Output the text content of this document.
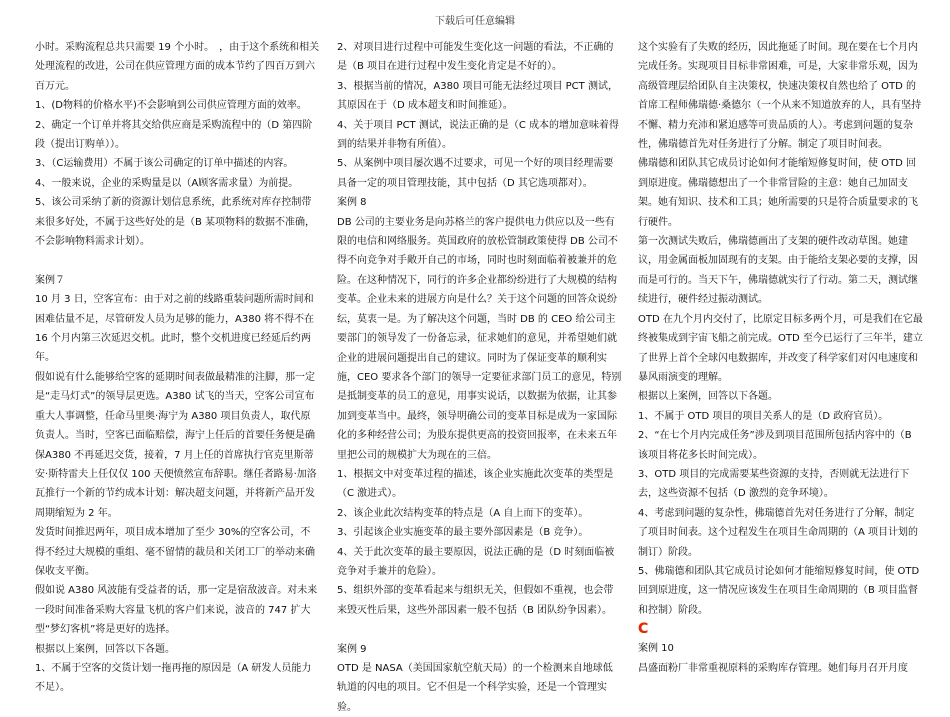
下载后可任意编辑

小时。采购流程总共只需要 19 个小时。　，由于这个系统和相关处理流程的改进，公司在供应管理方面的成本节约了四百万到六百万元。

1、(D物料的价格水平)不会影响到公司供应管理方面的效率。

2、确定一个订单并将其交给供应商是采购流程中的（D 第四阶段（提出订购单））。

3、（C运输费用）不属于该公司确定的订单中描述的内容。

4、一般来说，企业的采购量是以（A顾客需求量）为前提。

5、该公司采纳了新的资源计划信息系统，此系统对库存控制带来很多好处，不属于这些好处的是（B 某项物料的数据不准确，不会影响物料需求计划）。

案例７

10 月 3 日，空客宣布：由于对之前的线路重装问题所需时间和困难估量不足，尽管研发人员为足够的能力，A380 将不得不在 16 个月内第三次延迟交机。此时，整个交机进度已经延后约两年。

假如说有什么能够给空客的延期时间表做最精准的注脚，那一定是“走马灯式”的领导层更选。A380 试飞的当天，空客公司宣布重大人事调整，任命马里奥·海宁为 A380 项目负责人，取代原负责人。当时，空客已面临赔偿，海宁上任后的首要任务便是确保A380 不再延迟交货，接着，7 月上任的首席执行官克里斯蒂安·斯特雷夫上任仅仅 100 天便愤然宣布辞职。继任者路易·加洛瓦推行一个新的节约成本计划：解决超支问题，并将新产品开发周期缩短为 2 年。

发货时间推迟两年，项目成本增加了至少 30%的空客公司，不得不经过大规模的重组、毫不留情的裁员和关闭工厂的举动来确保收支平衡。

假如说 A380 风波能有受益者的话，那一定是宿敌波音。对未来一段时间准备采购大容量飞机的客户们来说，波音的 747 扩大型“梦幻客机”将是更好的选择。

根据以上案例，回答以下各题。

1、不属于空客的交货计划一拖再拖的原因是（A 研发人员能力不足）。

2、对项目进行过程中可能发生变化这一问题的看法，不正确的是（B 项目在进行过程中发生变化肯定是不好的）。

3、根据当前的情况，A380 项目可能无法经过项目 PCT 测试，其原因在于（D 成本超支和时间推延）。

4、关于项目 PCT 测试，说法正确的是（C 成本的增加意味着得到的结果并非物有所值）。

5、从案例中项目屡次遇不过要求，可见一个好的项目经理需要具备一定的项目管理技能，其中包括（D 其它选项都对）。

案例 8

DB 公司的主要业务是向苏格兰的客户提供电力供应以及一些有限的电信和网络服务。英国政府的放松管制政策使得 DB 公司不得不向竞争对手敞开自己的市场，同时也时刻面临着被兼并的危险。在这种情况下，同行的许多企业都纷纷进行了大规模的结构变革。企业未来的进展方向是什么？关于这个问题的回答众说纷纭，莫衷一是。为了解决这个问题，当时 DB 的 CEO 给公司主要部门的领导发了一份备忘录，征求她们的意见，并希望她们就企业的进展问题提出自己的建议。同时为了保证变革的顺利实施，CEO 要求各个部门的领导一定要征求部门员工的意见，特别是抵制变革的员工的意见，用事实说话，以数据为依据，让其参加到变革当中。最终，领导明确公司的变革目标是成为一家国际化的多种经营公司；为股东提供更高的投资回报率，在未来五年里把公司的规模扩大为现在的三倍。

1、根据文中对变革过程的描述，该企业实施此次变革的类型是（C 激进式）。

2、该企业此次结构变革的特点是（A 自上而下的变革）。

3、引起该企业实施变革的最主要外部因素是（B 竞争）。

4、关于此次变革的最主要原因，说法正确的是（D 时刻面临被竞争对手兼并的危险）。

5、组织外部的变革看起来与组织无关，但假如不重视，也会带来毁灭性后果，这些外部因素一般不包括（B 团队纷争因素）。

案例 9

OTD 是 NASA（美国国家航空航天局）的一个检测来自地球低轨道的闪电的项目。它不但是一个科学实验，还是一个管理实验。

这个实验有了失败的经历，因此拖延了时间。现在要在七个月内完成任务。实现项目目标非常困难，可是，大家非常乐观，因为高级管理层给团队自主决策权，快速决策权自然也给了 OTD 的首席工程师佛瑞德·桑德尔（一个从来不知道放弃的人，具有坚持不懈、精力充沛和紧迫感等可贵品质的人）。考虑到问题的复杂性，佛瑞德首先对任务进行了分解。制定了项目时间表。

佛瑞德和团队其它成员讨论如何才能缩短修复时间，使 OTD 回到原进度。佛瑞德想出了一个非常冒险的主意：她自己加固支架。她有知识、技术和工具；她所需要的只是符合质量要求的飞行硬件。

第一次测试失败后，佛瑞德画出了支架的硬件改动草图。她建议，用金属面板加固现有的支架。由于能给支架必要的支撑，因而是可行的。当天下午，佛瑞德就实行了行动。第二天，测试继续进行，硬件经过振动测试。

OTD 在九个月内交付了，比原定目标多两个月，可是我们在它最终被集成到宇宙飞船之前完成。OTD 至今已运行了三年半，建立了世界上首个全球闪电数据库，并改变了科学家们对闪电速度和暴风雨演变的理解。

根据以上案例，回答以下各题。

1、不属于 OTD 项目的项目关系人的是（D 政府官员）。

2、“在七个月内完成任务”涉及到项目范围所包括内容中的（B 该项目将花多长时间完成）。

3、OTD 项目的完成需要某些资源的支持，否则就无法进行下去，这些资源不包括（D 激烈的竞争环境）。

4、考虑到问题的复杂性，佛瑞德首先对任务进行了分解，制定了项目时间表。这个过程发生在项目生命周期的（A 项目计划的制订）阶段。

5、佛瑞德和团队其它成员讨论如何才能缩短修复时间，使 OTD 回到原进度，这一情况应该发生在项目生命周期的（B 项目监督和控制）阶段。

C

案例 10

昌盛面粉厂非常重视原料的采购库存管理。她们每月召开月度
